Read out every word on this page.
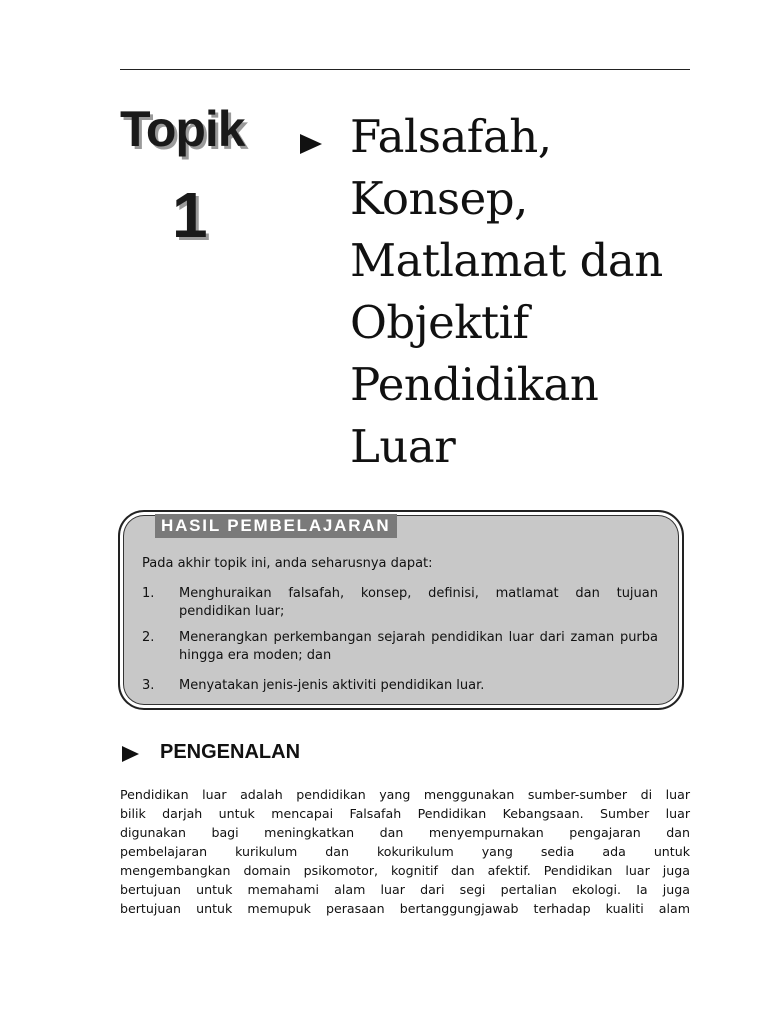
Topik
1
Falsafah,
Konsep,
Matlamat dan
Objektif
Pendidikan
Luar
HASIL PEMBELAJARAN
Pada akhir topik ini, anda seharusnya dapat:
1. Menghuraikan falsafah, konsep, definisi, matlamat dan tujuan pendidikan luar;
2. Menerangkan perkembangan sejarah pendidikan luar dari zaman purba hingga era moden; dan
3. Menyatakan jenis-jenis aktiviti pendidikan luar.
PENGENALAN
Pendidikan luar adalah pendidikan yang menggunakan sumber-sumber di luar
bilik darjah untuk mencapai Falsafah Pendidikan Kebangsaan. Sumber luar
digunakan bagi meningkatkan dan menyempurnakan pengajaran dan
pembelajaran kurikulum dan kokurikulum yang sedia ada untuk
mengembangkan domain psikomotor, kognitif dan afektif. Pendidikan luar juga
bertujuan untuk memahami alam luar dari segi pertalian ekologi. Ia juga
bertujuan untuk memupuk perasaan bertanggungjawab terhadap kualiti alam
